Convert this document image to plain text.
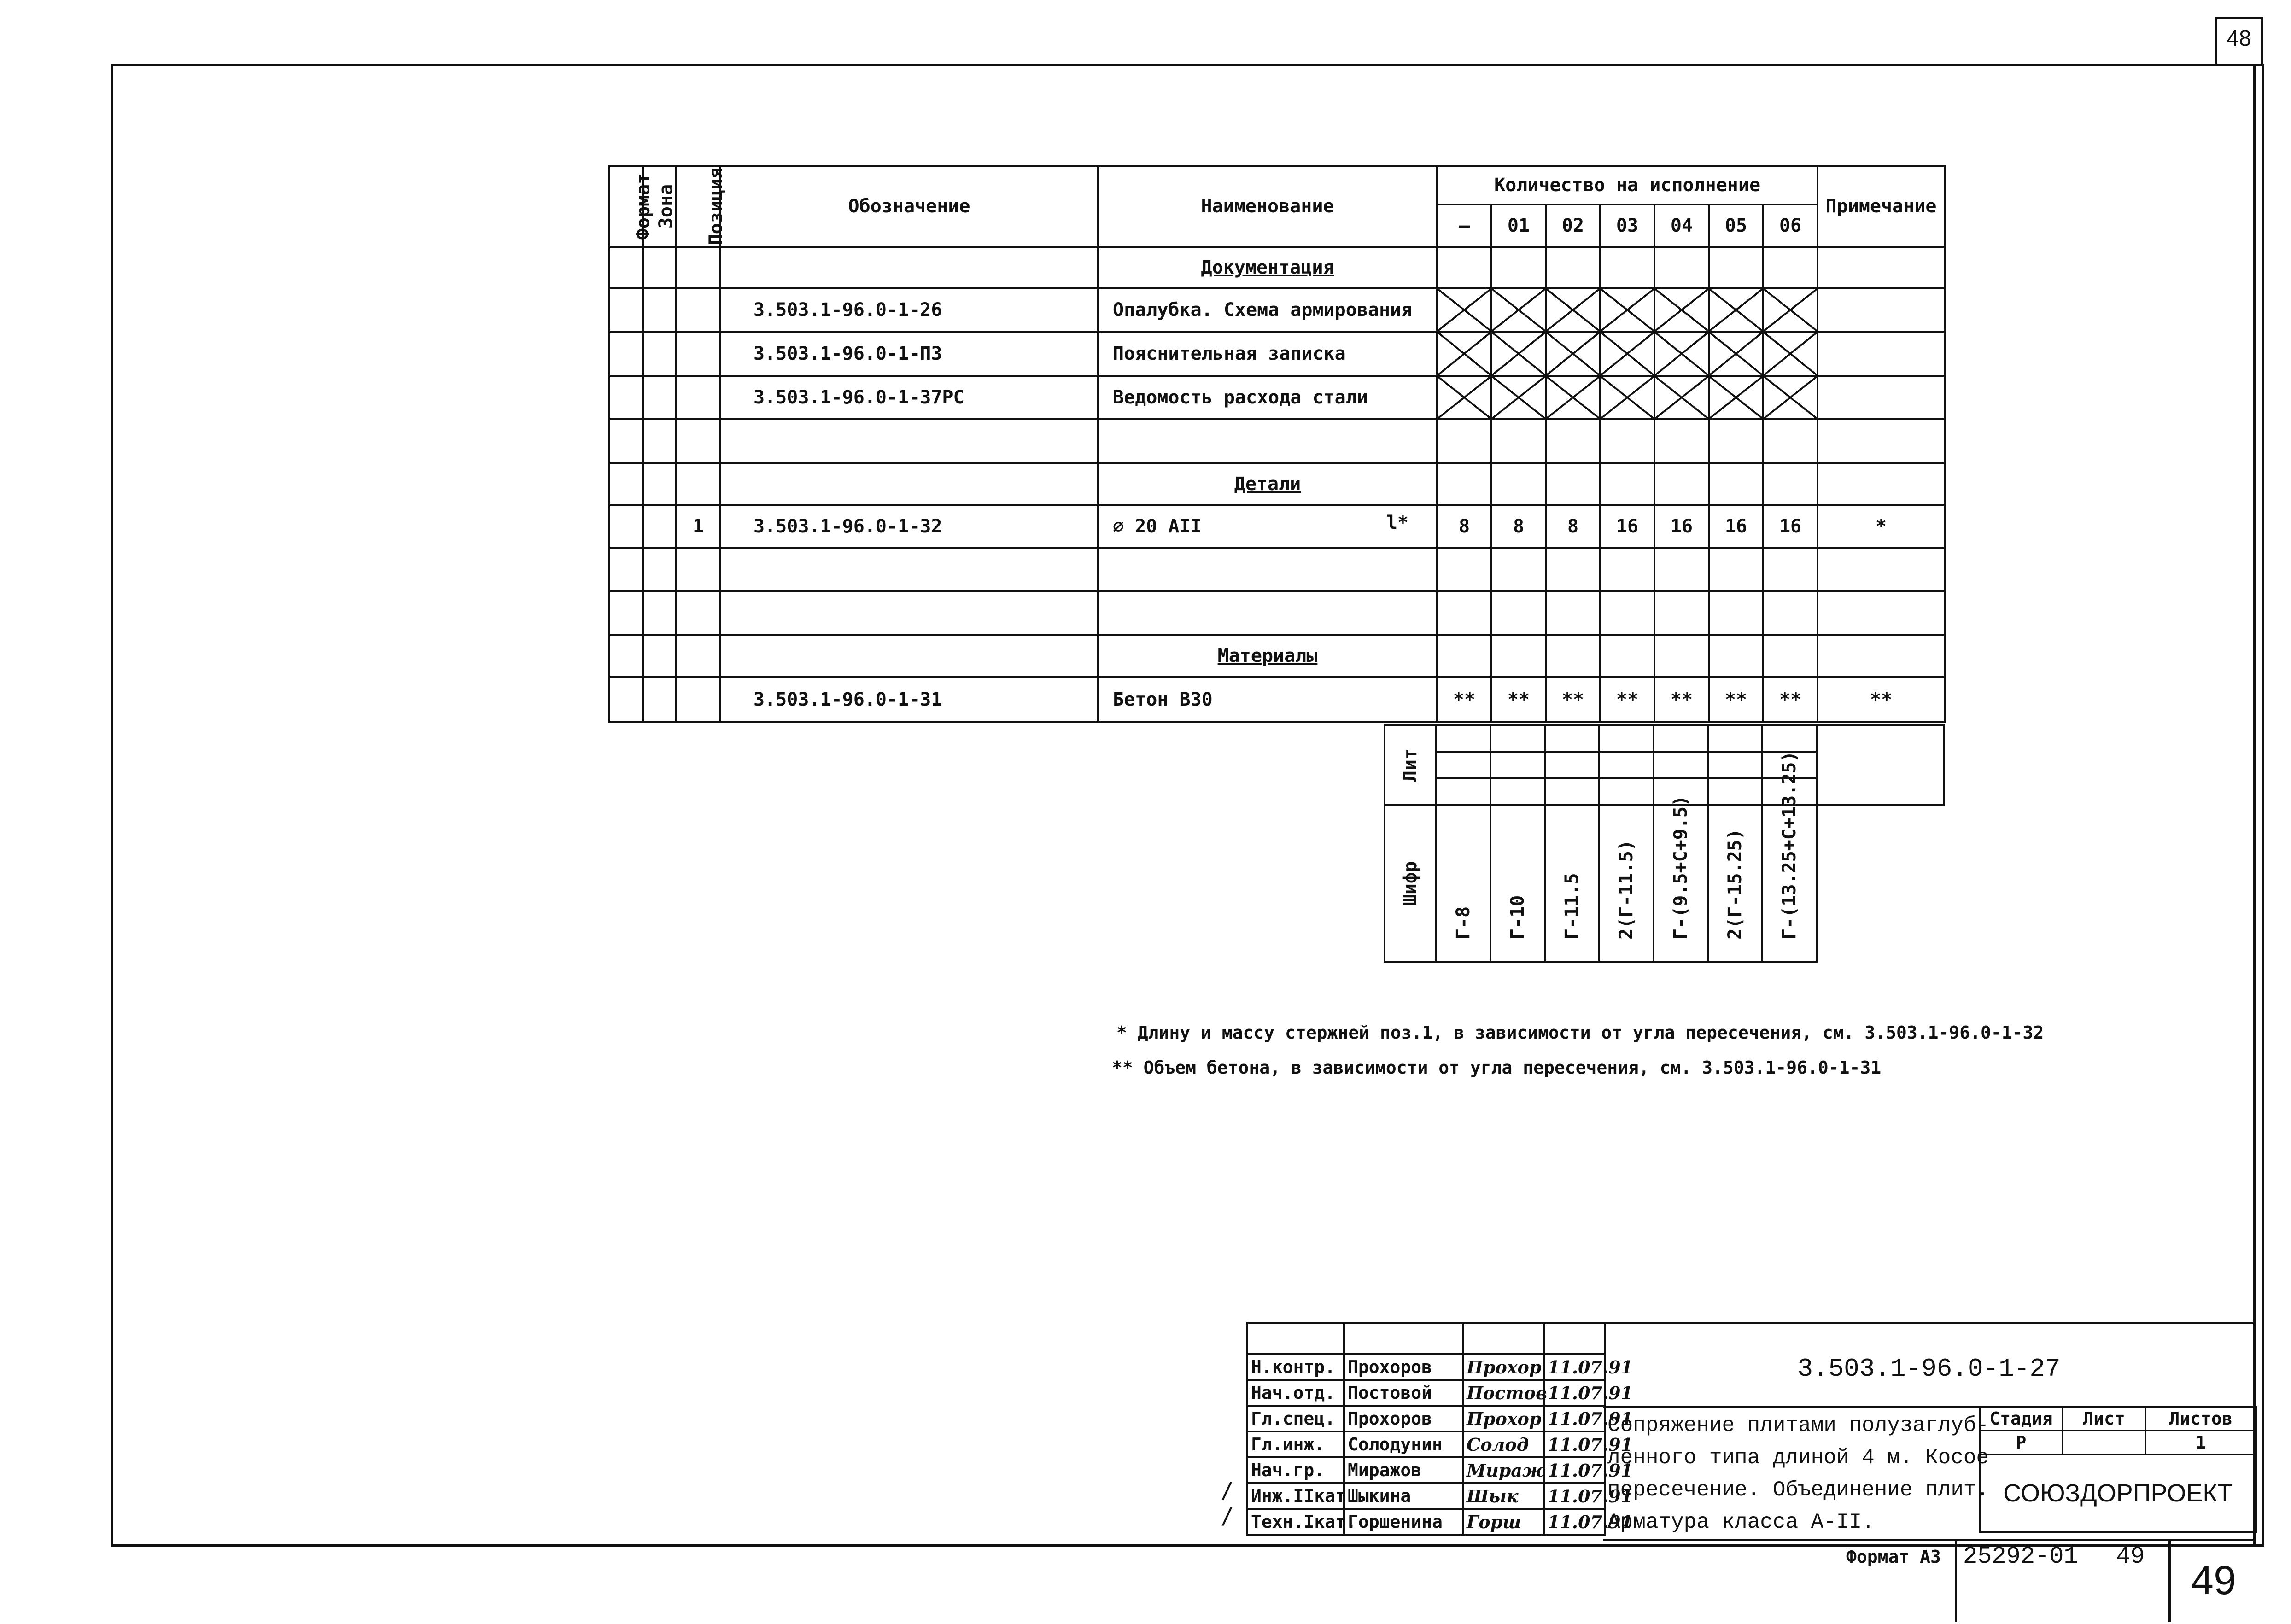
48
Формат	Зона	Позиция	Обозначение	Наименование	Количество на исполнение							Примечание
					—	01	02	03	04	05	06	
				Документация								
			3.503.1-96.0-1-26	Опалубка. Схема армирования								
			3.503.1-96.0-1-ПЗ	Пояснительная записка								
			3.503.1-96.0-1-37РС	Ведомость расхода стали								

				Детали								
		1	3.503.1-96.0-1-32	⌀ 20 АII l*	8	8	8	16	16	16	16	*

				Материалы								
			3.503.1-96.0-1-31	Бетон В30	**	**	**	**	**	**	**	**
Лит								

Шифр	Г-8	Г-10	Г-11.5	2(Г-11.5)	Г-(9.5+С+9.5)	2(Г-15.25)	Г-(13.25+С+13.25)	
* Длину и массу стержней поз.1, в зависимости от угла пересечения, см. 3.503.1-96.0-1-32
** Объем бетона, в зависимости от угла пересечения, см. 3.503.1-96.0-1-31

Н.контр.	Прохоров	Прохор	11.07.91
Нач.отд.	Постовой	Постов	11.07.91
Гл.спец.	Прохоров	Прохор	11.07.91
Гл.инж.	Солодунин	Солод	11.07.91
Нач.гр.	Миражов	Мираж	11.07.91
Инж.IIкат	Шыкина	Шык	11.07.91
Техн.Iкат.	Горшенина	Горш	11.07.91
/
/
3.503.1-96.0-1-27
Сопряжение плитами полузаглуб-
ленного типа длиной 4 м. Косое
пересечение. Объединение плит.
Арматура класса А-II.
Стадия	Лист	Листов
Р		1
СОЮЗДОРПРОЕКТ		
Формат А3 25292-01 49
49
